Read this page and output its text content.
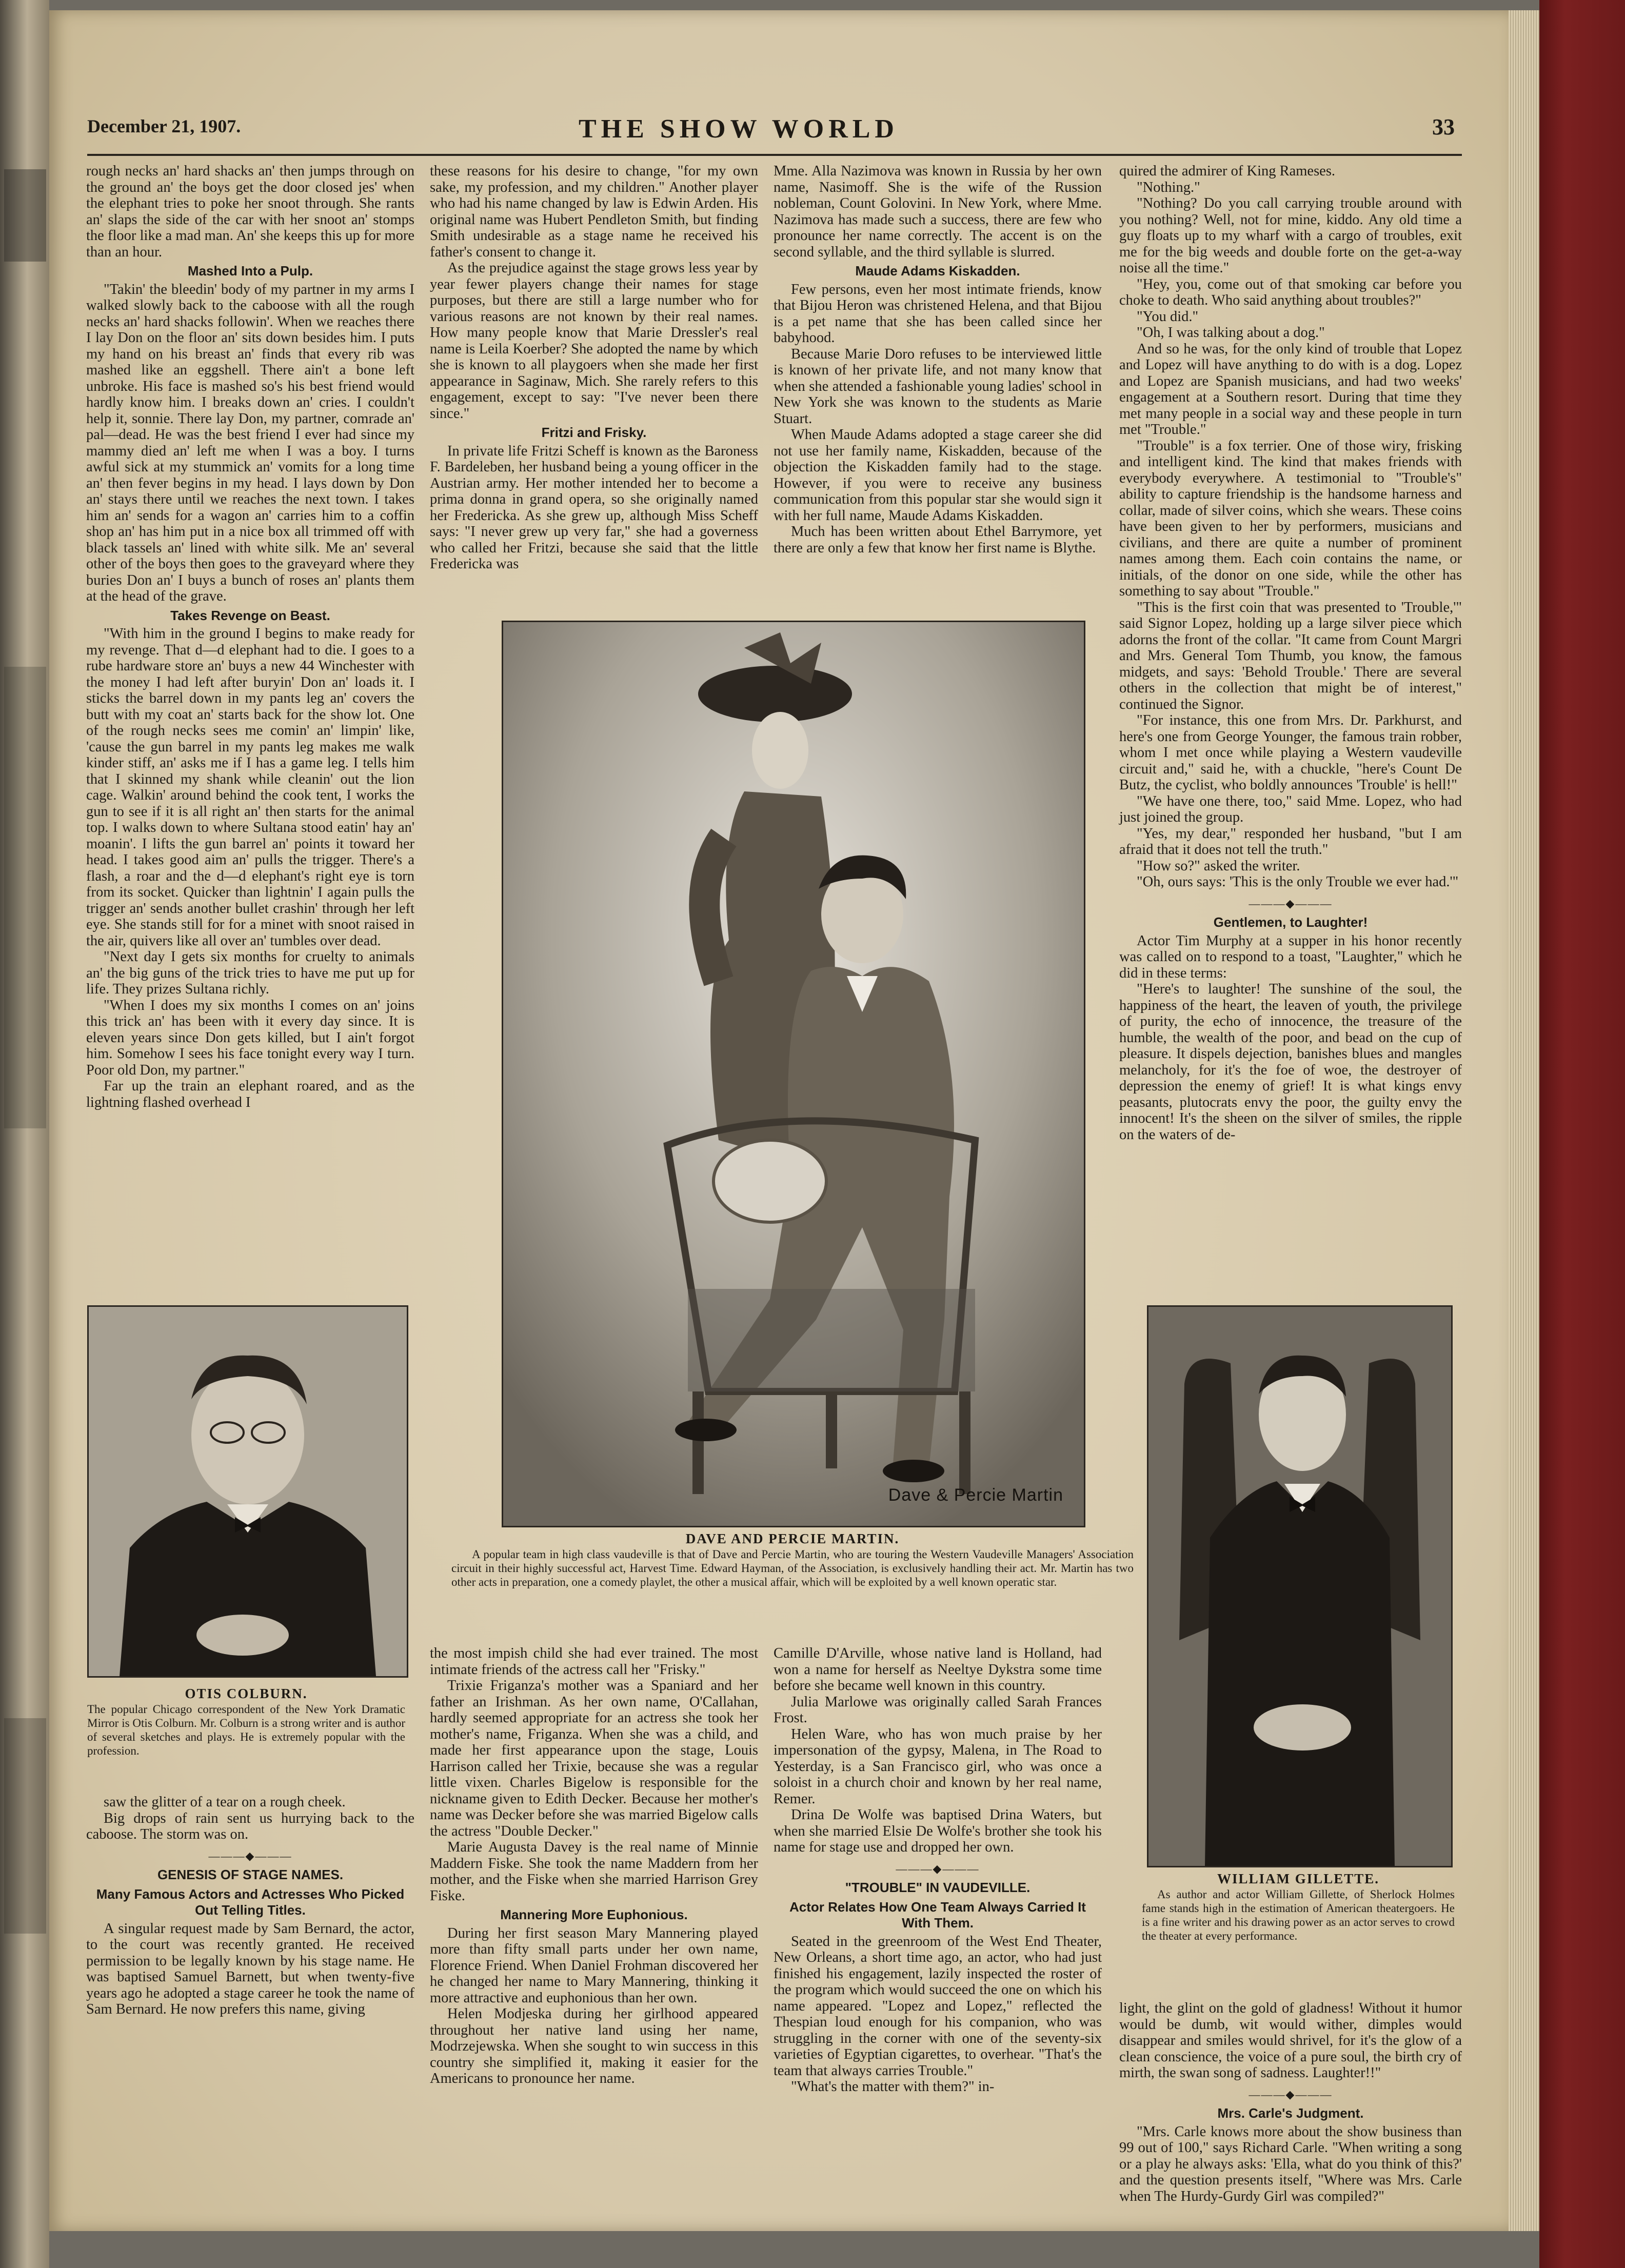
December 21, 1907.	THE SHOW WORLD	33

rough necks an' hard shacks an' then jumps through on the ground an' the boys get the door closed jes' when the elephant tries to poke her snoot through. She rants an' slaps the side of the car with her snoot an' stomps the floor like a mad man. An' she keeps this up for more than an hour.

Mashed Into a Pulp.

"Takin' the bleedin' body of my partner in my arms I walked slowly back to the caboose with all the rough necks an' hard shacks followin'. When we reaches there I lay Don on the floor an' sits down besides him. I puts my hand on his breast an' finds that every rib was mashed like an eggshell. There ain't a bone left unbroke. His face is mashed so's his best friend would hardly know him. I breaks down an' cries. I couldn't help it, sonnie. There lay Don, my partner, comrade an' pal—dead. He was the best friend I ever had since my mammy died an' left me when I was a boy. I turns awful sick at my stummick an' vomits for a long time an' then fever begins in my head. I lays down by Don an' stays there until we reaches the next town. I takes him an' sends for a wagon an' carries him to a coffin shop an' has him put in a nice box all trimmed off with black tassels an' lined with white silk. Me an' several other of the boys then goes to the graveyard where they buries Don an' I buys a bunch of roses an' plants them at the head of the grave.

Takes Revenge on Beast.

"With him in the ground I begins to make ready for my revenge. That d—d elephant had to die. I goes to a rube hardware store an' buys a new 44 Winchester with the money I had left after buryin' Don an' loads it. I sticks the barrel down in my pants leg an' covers the butt with my coat an' starts back for the show lot. One of the rough necks sees me comin' an' limpin' like, 'cause the gun barrel in my pants leg makes me walk kinder stiff, an' asks me if I has a game leg. I tells him that I skinned my shank while cleanin' out the lion cage. Walkin' around behind the cook tent, I works the gun to see if it is all right an' then starts for the animal top. I walks down to where Sultana stood eatin' hay an' moanin'. I lifts the gun barrel an' points it toward her head. I takes good aim an' pulls the trigger. There's a flash, a roar and the d—d elephant's right eye is torn from its socket. Quicker than lightnin' I again pulls the trigger an' sends another bullet crashin' through her left eye. She stands still for for a minet with snoot raised in the air, quivers like all over an' tumbles over dead.

"Next day I gets six months for cruelty to animals an' the big guns of the trick tries to have me put up for life. They prizes Sultana richly.

"When I does my six months I comes on an' joins this trick an' has been with it every day since. It is eleven years since Don gets killed, but I ain't forgot him. Somehow I sees his face tonight every way I turn. Poor old Don, my partner."

Far up the train an elephant roared, and as the lightning flashed overhead I

OTIS COLBURN.
The popular Chicago correspondent of the New York Dramatic Mirror is Otis Colburn. Mr. Colburn is a strong writer and is author of several sketches and plays. He is extremely popular with the profession.

saw the glitter of a tear on a rough cheek.

Big drops of rain sent us hurrying back to the caboose. The storm was on.

———◆———
GENESIS OF STAGE NAMES.
Many Famous Actors and Actresses Who Picked Out Telling Titles.

A singular request made by Sam Bernard, the actor, to the court was recently granted. He received permission to be legally known by his stage name. He was baptised Samuel Barnett, but when twenty-five years ago he adopted a stage career he took the name of Sam Bernard. He now prefers this name, giving

these reasons for his desire to change, "for my own sake, my profession, and my children." Another player who had his name changed by law is Edwin Arden. His original name was Hubert Pendleton Smith, but finding Smith undesirable as a stage name he received his father's consent to change it.

As the prejudice against the stage grows less year by year fewer players change their names for stage purposes, but there are still a large number who for various reasons are not known by their real names. How many people know that Marie Dressler's real name is Leila Koerber? She adopted the name by which she is known to all playgoers when she made her first appearance in Saginaw, Mich. She rarely refers to this engagement, except to say: "I've never been there since."

Fritzi and Frisky.

In private life Fritzi Scheff is known as the Baroness F. Bardeleben, her husband being a young officer in the Austrian army. Her mother intended her to become a prima donna in grand opera, so she originally named her Fredericka. As she grew up, although Miss Scheff says: "I never grew up very far," she had a governess who called her Fritzi, because she said that the little Fredericka was

Mme. Alla Nazimova was known in Russia by her own name, Nasimoff. She is the wife of the Russion nobleman, Count Golovini. In New York, where Mme. Nazimova has made such a success, there are few who pronounce her name correctly. The accent is on the second syllable, and the third syllable is slurred.

Maude Adams Kiskadden.

Few persons, even her most intimate friends, know that Bijou Heron was christened Helena, and that Bijou is a pet name that she has been called since her babyhood.

Because Marie Doro refuses to be interviewed little is known of her private life, and not many know that when she attended a fashionable young ladies' school in New York she was known to the students as Marie Stuart.

When Maude Adams adopted a stage career she did not use her family name, Kiskadden, because of the objection the Kiskadden family had to the stage. However, if you were to receive any business communication from this popular star she would sign it with her full name, Maude Adams Kiskadden.

Much has been written about Ethel Barrymore, yet there are only a few that know her first name is Blythe.

Dave & Percie Martin
DAVE AND PERCIE MARTIN.
A popular team in high class vaudeville is that of Dave and Percie Martin, who are touring the Western Vaudeville Managers' Association circuit in their highly successful act, Harvest Time. Edward Hayman, of the Association, is exclusively handling their act. Mr. Martin has two other acts in preparation, one a comedy playlet, the other a musical affair, which will be exploited by a well known operatic star.

the most impish child she had ever trained. The most intimate friends of the actress call her "Frisky."

Trixie Friganza's mother was a Spaniard and her father an Irishman. As her own name, O'Callahan, hardly seemed appropriate for an actress she took her mother's name, Friganza. When she was a child, and made her first appearance upon the stage, Louis Harrison called her Trixie, because she was a regular little vixen. Charles Bigelow is responsible for the nickname given to Edith Decker. Because her mother's name was Decker before she was married Bigelow calls the actress "Double Decker."

Marie Augusta Davey is the real name of Minnie Maddern Fiske. She took the name Maddern from her mother, and the Fiske when she married Harrison Grey Fiske.

Mannering More Euphonious.

During her first season Mary Mannering played more than fifty small parts under her own name, Florence Friend. When Daniel Frohman discovered her he changed her name to Mary Mannering, thinking it more attractive and euphonious than her own.

Helen Modjeska during her girlhood appeared throughout her native land using her name, Modrzejewska. When she sought to win success in this country she simplified it, making it easier for the Americans to pronounce her name.

Camille D'Arville, whose native land is Holland, had won a name for herself as Neeltye Dykstra some time before she became well known in this country.

Julia Marlowe was originally called Sarah Frances Frost.

Helen Ware, who has won much praise by her impersonation of the gypsy, Malena, in The Road to Yesterday, is a San Francisco girl, who was once a soloist in a church choir and known by her real name, Remer.

Drina De Wolfe was baptised Drina Waters, but when she married Elsie De Wolfe's brother she took his name for stage use and dropped her own.

———◆———
"TROUBLE" IN VAUDEVILLE.
Actor Relates How One Team Always Carried It With Them.

Seated in the greenroom of the West End Theater, New Orleans, a short time ago, an actor, who had just finished his engagement, lazily inspected the roster of the program which would succeed the one on which his name appeared. "Lopez and Lopez," reflected the Thespian loud enough for his companion, who was struggling in the corner with one of the seventy-six varieties of Egyptian cigarettes, to overhear. "That's the team that always carries Trouble."

"What's the matter with them?" in-

quired the admirer of King Rameses.

"Nothing."

"Nothing? Do you call carrying trouble around with you nothing? Well, not for mine, kiddo. Any old time a guy floats up to my wharf with a cargo of troubles, exit me for the big weeds and double forte on the get-a-way noise all the time."

"Hey, you, come out of that smoking car before you choke to death. Who said anything about troubles?"

"You did."

"Oh, I was talking about a dog."

And so he was, for the only kind of trouble that Lopez and Lopez will have anything to do with is a dog. Lopez and Lopez are Spanish musicians, and had two weeks' engagement at a Southern resort. During that time they met many people in a social way and these people in turn met "Trouble."

"Trouble" is a fox terrier. One of those wiry, frisking and intelligent kind. The kind that makes friends with everybody everywhere. A testimonial to "Trouble's" ability to capture friendship is the handsome harness and collar, made of silver coins, which she wears. These coins have been given to her by performers, musicians and civilians, and there are quite a number of prominent names among them. Each coin contains the name, or initials, of the donor on one side, while the other has something to say about "Trouble."

"This is the first coin that was presented to 'Trouble,'" said Signor Lopez, holding up a large silver piece which adorns the front of the collar. "It came from Count Margri and Mrs. General Tom Thumb, you know, the famous midgets, and says: 'Behold Trouble.' There are several others in the collection that might be of interest," continued the Signor.

"For instance, this one from Mrs. Dr. Parkhurst, and here's one from George Younger, the famous train robber, whom I met once while playing a Western vaudeville circuit and," said he, with a chuckle, "here's Count De Butz, the cyclist, who boldly announces 'Trouble' is hell!"

"We have one there, too," said Mme. Lopez, who had just joined the group.

"Yes, my dear," responded her husband, "but I am afraid that it does not tell the truth."

"How so?" asked the writer.

"Oh, ours says: 'This is the only Trouble we ever had.'"

———◆———
Gentlemen, to Laughter!

Actor Tim Murphy at a supper in his honor recently was called on to respond to a toast, "Laughter," which he did in these terms:

"Here's to laughter! The sunshine of the soul, the happiness of the heart, the leaven of youth, the privilege of purity, the echo of innocence, the treasure of the humble, the wealth of the poor, and bead on the cup of pleasure. It dispels dejection, banishes blues and mangles melancholy, for it's the foe of woe, the destroyer of depression the enemy of grief! It is what kings envy peasants, plutocrats envy the poor, the guilty envy the innocent! It's the sheen on the silver of smiles, the ripple on the waters of de-

WILLIAM GILLETTE.
As author and actor William Gillette, of Sherlock Holmes fame stands high in the estimation of American theatergoers. He is a fine writer and his drawing power as an actor serves to crowd the theater at every performance.

light, the glint on the gold of gladness! Without it humor would be dumb, wit would wither, dimples would disappear and smiles would shrivel, for it's the glow of a clean conscience, the voice of a pure soul, the birth cry of mirth, the swan song of sadness. Laughter!!"

———◆———
Mrs. Carle's Judgment.

"Mrs. Carle knows more about the show business than 99 out of 100," says Richard Carle. "When writing a song or a play he always asks: 'Ella, what do you think of this?' and the question presents itself, "Where was Mrs. Carle when The Hurdy-Gurdy Girl was compiled?"
